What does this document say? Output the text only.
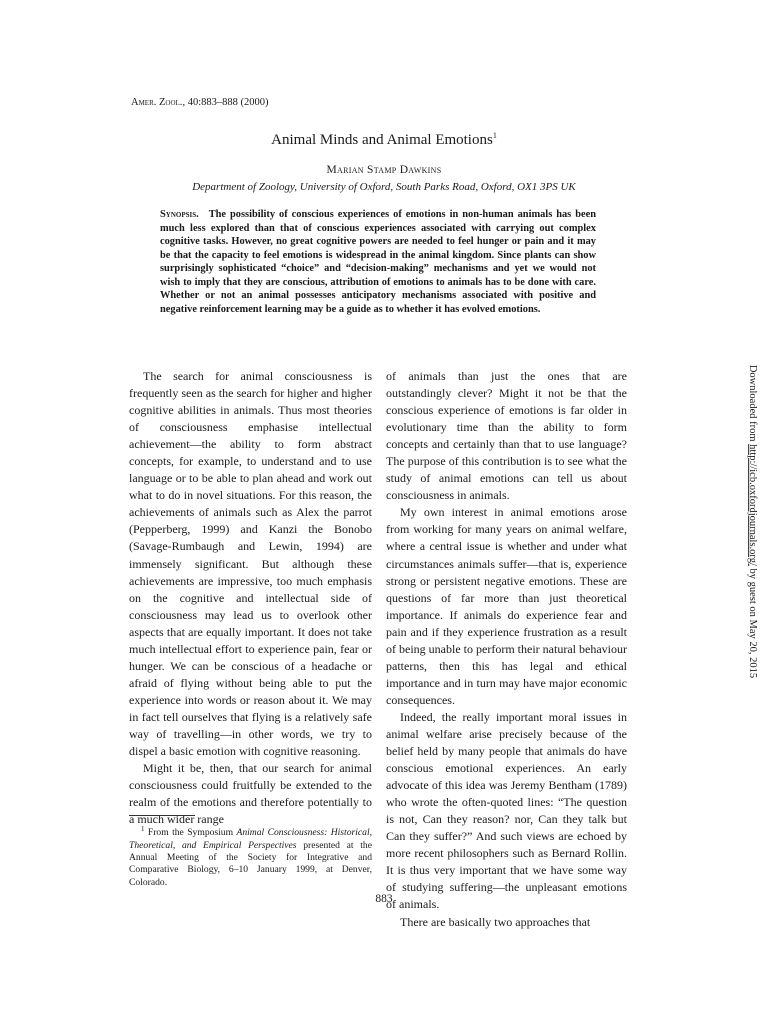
Amer. Zool., 40:883–888 (2000)
Animal Minds and Animal Emotions$^1$
Marian Stamp Dawkins
Department of Zoology, University of Oxford, South Parks Road, Oxford, OX1 3PS UK
Synopsis. The possibility of conscious experiences of emotions in non-human animals has been much less explored than that of conscious experiences associated with carrying out complex cognitive tasks. However, no great cognitive powers are needed to feel hunger or pain and it may be that the capacity to feel emotions is widespread in the animal kingdom. Since plants can show surprisingly sophisticated “choice” and “decision-making” mechanisms and yet we would not wish to imply that they are conscious, attribution of emotions to animals has to be done with care. Whether or not an animal possesses anticipatory mechanisms associated with positive and negative reinforcement learning may be a guide as to whether it has evolved emotions.

The search for animal consciousness is frequently seen as the search for higher and higher cognitive abilities in animals. Thus most theories of consciousness emphasise intellectual achievement—the ability to form abstract concepts, for example, to understand and to use language or to be able to plan ahead and work out what to do in novel situations. For this reason, the achievements of animals such as Alex the parrot (Pepperberg, 1999) and Kanzi the Bonobo (Savage-Rumbaugh and Lewin, 1994) are immensely significant. But although these achievements are impressive, too much emphasis on the cognitive and intellectual side of consciousness may lead us to overlook other aspects that are equally important. It does not take much intellectual effort to experience pain, fear or hunger. We can be conscious of a headache or afraid of flying without being able to put the experience into words or reason about it. We may in fact tell ourselves that flying is a relatively safe way of travelling—in other words, we try to dispel a basic emotion with cognitive reasoning.

Might it be, then, that our search for animal consciousness could fruitfully be extended to the realm of the emotions and therefore potentially to a much wider range

of animals than just the ones that are outstandingly clever? Might it not be that the conscious experience of emotions is far older in evolutionary time than the ability to form concepts and certainly than that to use language? The purpose of this contribution is to see what the study of animal emotions can tell us about consciousness in animals.

My own interest in animal emotions arose from working for many years on animal welfare, where a central issue is whether and under what circumstances animals suffer—that is, experience strong or persistent negative emotions. These are questions of far more than just theoretical importance. If animals do experience fear and pain and if they experience frustration as a result of being unable to perform their natural behaviour patterns, then this has legal and ethical importance and in turn may have major economic consequences.

Indeed, the really important moral issues in animal welfare arise precisely because of the belief held by many people that animals do have conscious emotional experiences. An early advocate of this idea was Jeremy Bentham (1789) who wrote the often-quoted lines: “The question is not, Can they reason? nor, Can they talk but Can they suffer?” And such views are echoed by more recent philosophers such as Bernard Rollin. It is thus very important that we have some way of studying suffering—the unpleasant emotions of animals.

There are basically two approaches that

$^1$ From the Symposium Animal Consciousness: Historical, Theoretical, and Empirical Perspectives presented at the Annual Meeting of the Society for Integrative and Comparative Biology, 6–10 January 1999, at Denver, Colorado.
883
Downloaded from http://icb.oxfordjournals.org/ by guest on May 20, 2015
